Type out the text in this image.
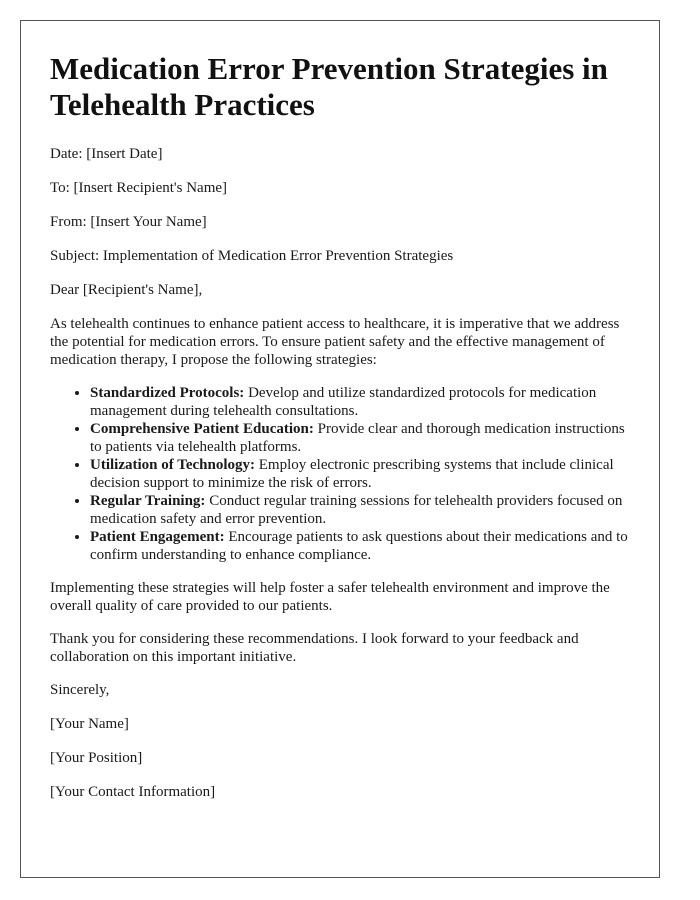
Medication Error Prevention Strategies in Telehealth Practices

Date: [Insert Date]

To: [Insert Recipient's Name]

From: [Insert Your Name]

Subject: Implementation of Medication Error Prevention Strategies

Dear [Recipient's Name],

As telehealth continues to enhance patient access to healthcare, it is imperative that we address the potential for medication errors. To ensure patient safety and the effective management of medication therapy, I propose the following strategies:

• Standardized Protocols: Develop and utilize standardized protocols for medication management during telehealth consultations.
• Comprehensive Patient Education: Provide clear and thorough medication instructions to patients via telehealth platforms.
• Utilization of Technology: Employ electronic prescribing systems that include clinical decision support to minimize the risk of errors.
• Regular Training: Conduct regular training sessions for telehealth providers focused on medication safety and error prevention.
• Patient Engagement: Encourage patients to ask questions about their medications and to confirm understanding to enhance compliance.

Implementing these strategies will help foster a safer telehealth environment and improve the overall quality of care provided to our patients.

Thank you for considering these recommendations. I look forward to your feedback and collaboration on this important initiative.

Sincerely,

[Your Name]

[Your Position]

[Your Contact Information]
